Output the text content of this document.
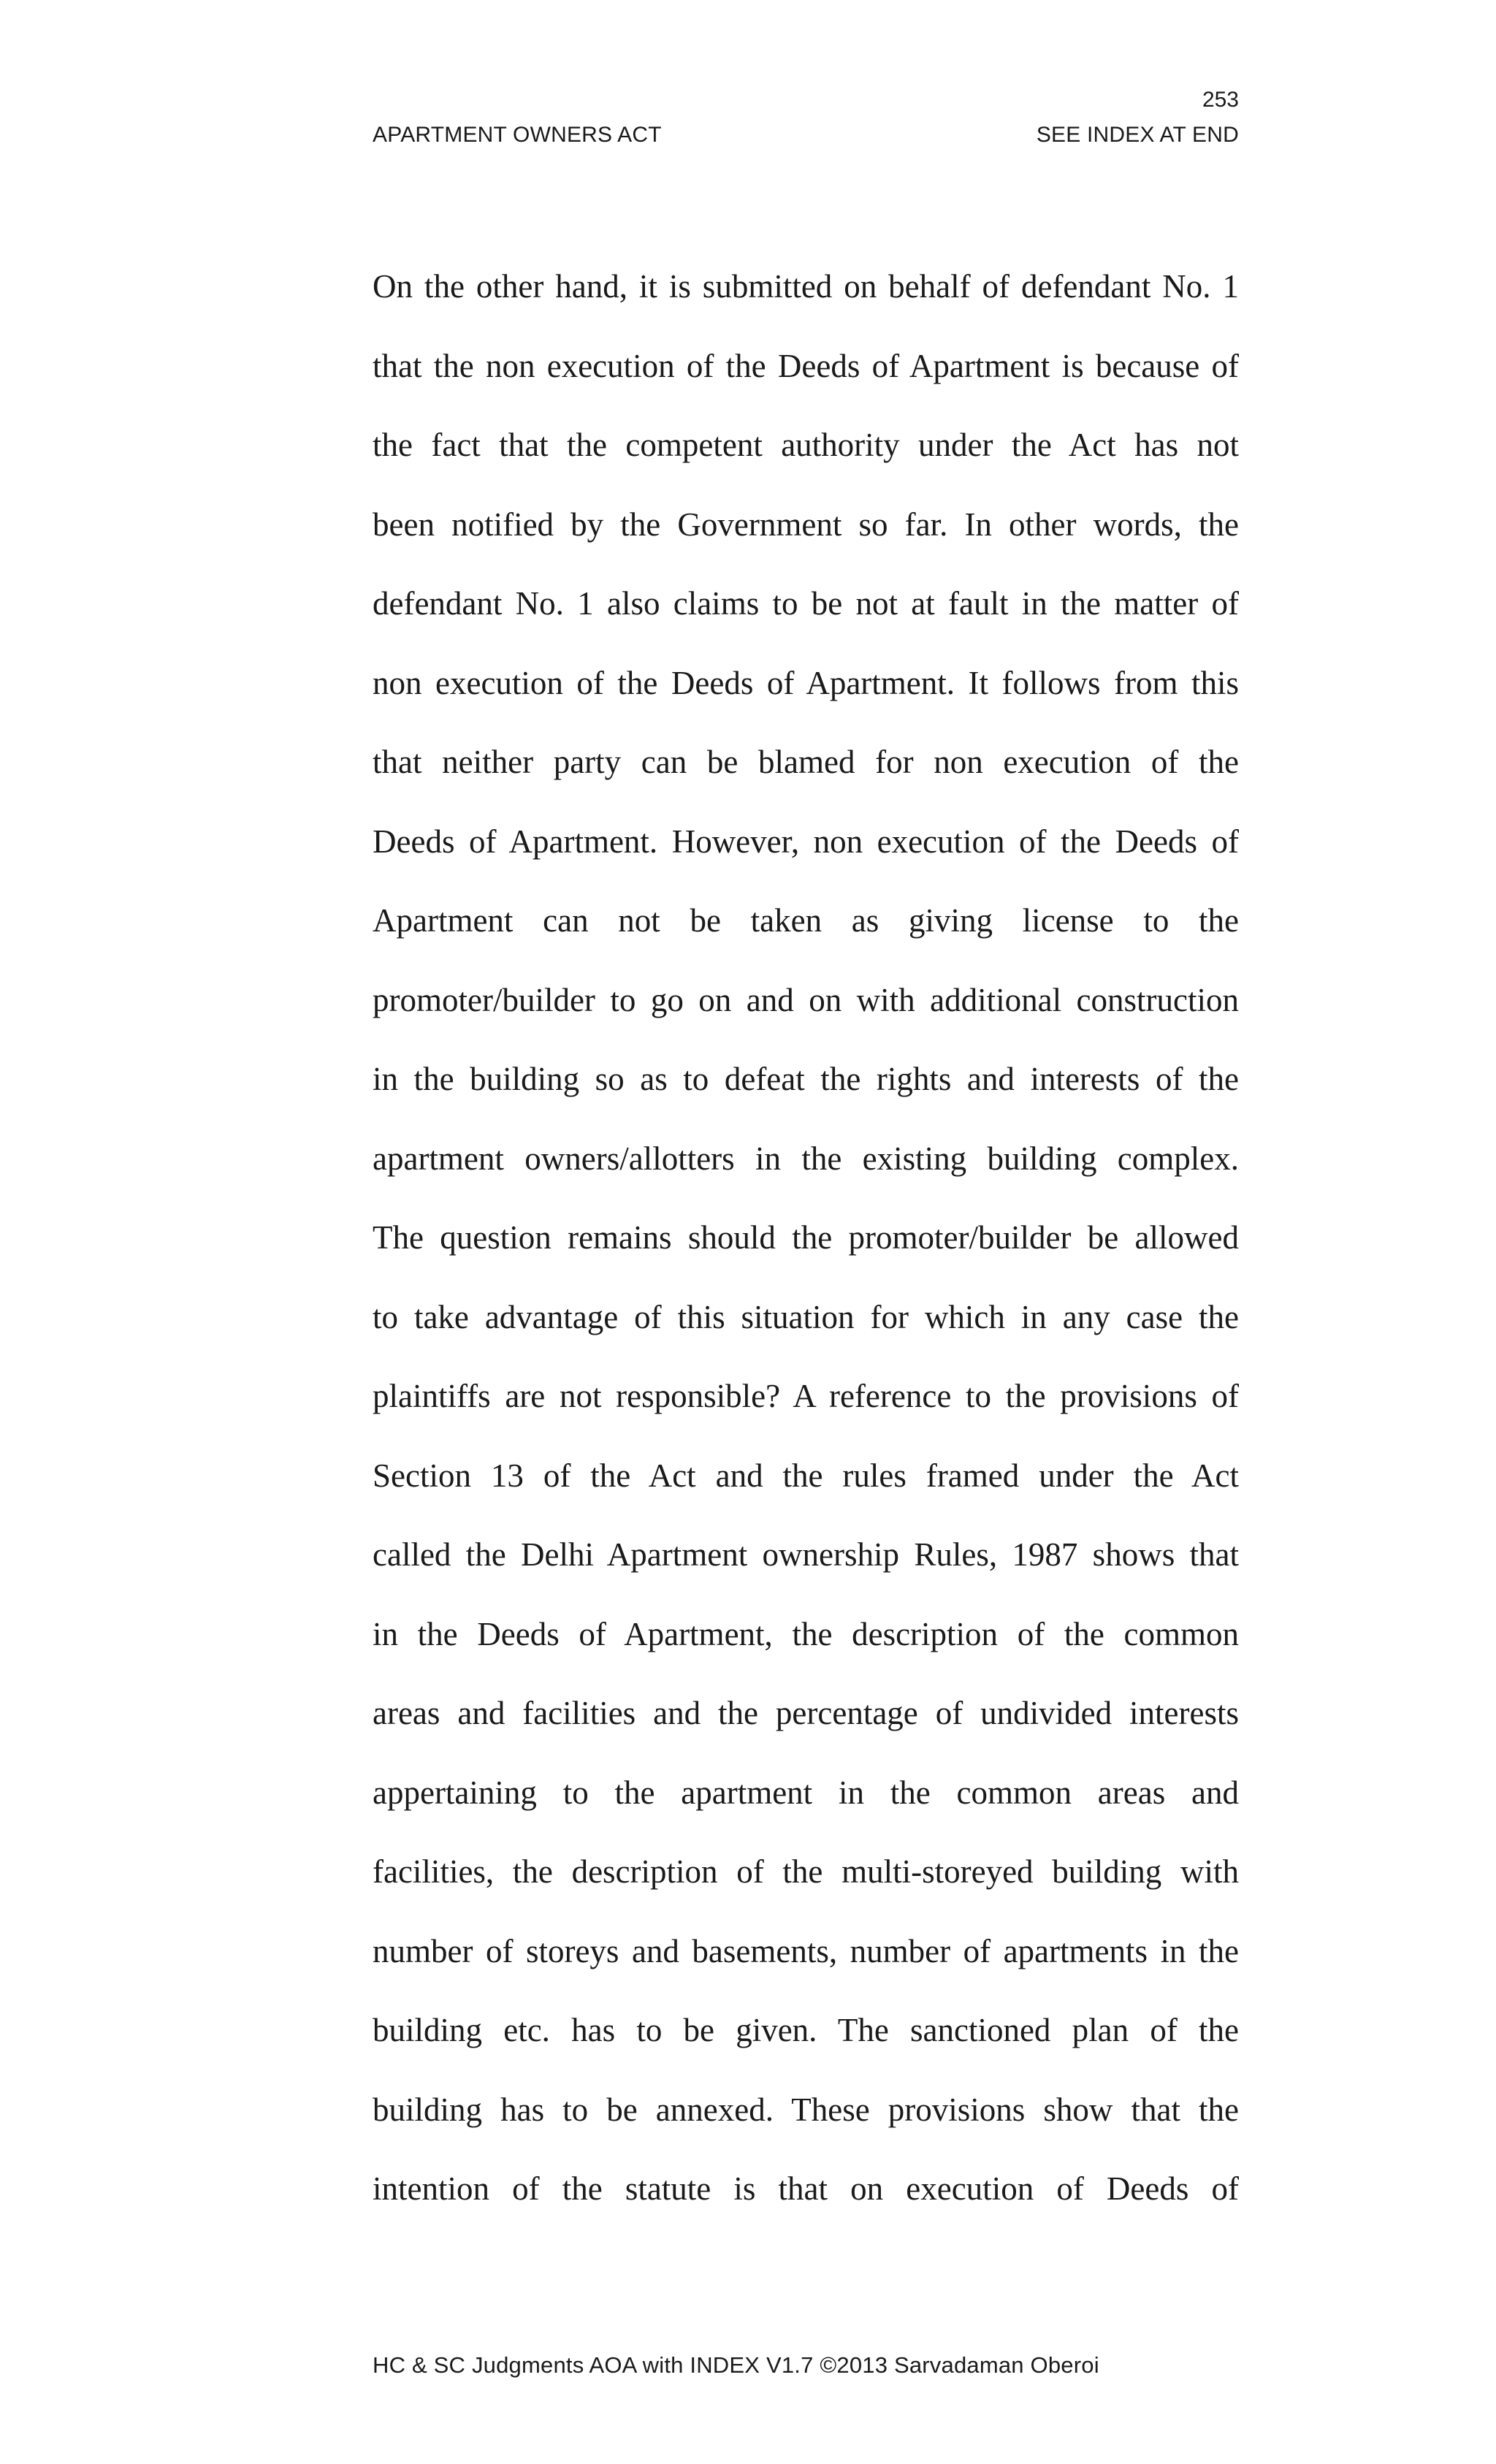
253
APARTMENT OWNERS ACT	SEE INDEX AT END
On the other hand, it is submitted on behalf of defendant No. 1
that the non execution of the Deeds of Apartment is because of
the fact that the competent authority under the Act has not
been notified by the Government so far. In other words, the
defendant No. 1 also claims to be not at fault in the matter of
non execution of the Deeds of Apartment. It follows from this
that neither party can be blamed for non execution of the
Deeds of Apartment. However, non execution of the Deeds of
Apartment can not be taken as giving license to the
promoter/builder to go on and on with additional construction
in the building so as to defeat the rights and interests of the
apartment owners/allotters in the existing building complex.
The question remains should the promoter/builder be allowed
to take advantage of this situation for which in any case the
plaintiffs are not responsible? A reference to the provisions of
Section 13 of the Act and the rules framed under the Act
called the Delhi Apartment ownership Rules, 1987 shows that
in the Deeds of Apartment, the description of the common
areas and facilities and the percentage of undivided interests
appertaining to the apartment in the common areas and
facilities, the description of the multi-storeyed building with
number of storeys and basements, number of apartments in the
building etc. has to be given. The sanctioned plan of the
building has to be annexed. These provisions show that the
intention of the statute is that on execution of Deeds of
HC & SC Judgments AOA with INDEX V1.7 ©2013 Sarvadaman Oberoi
